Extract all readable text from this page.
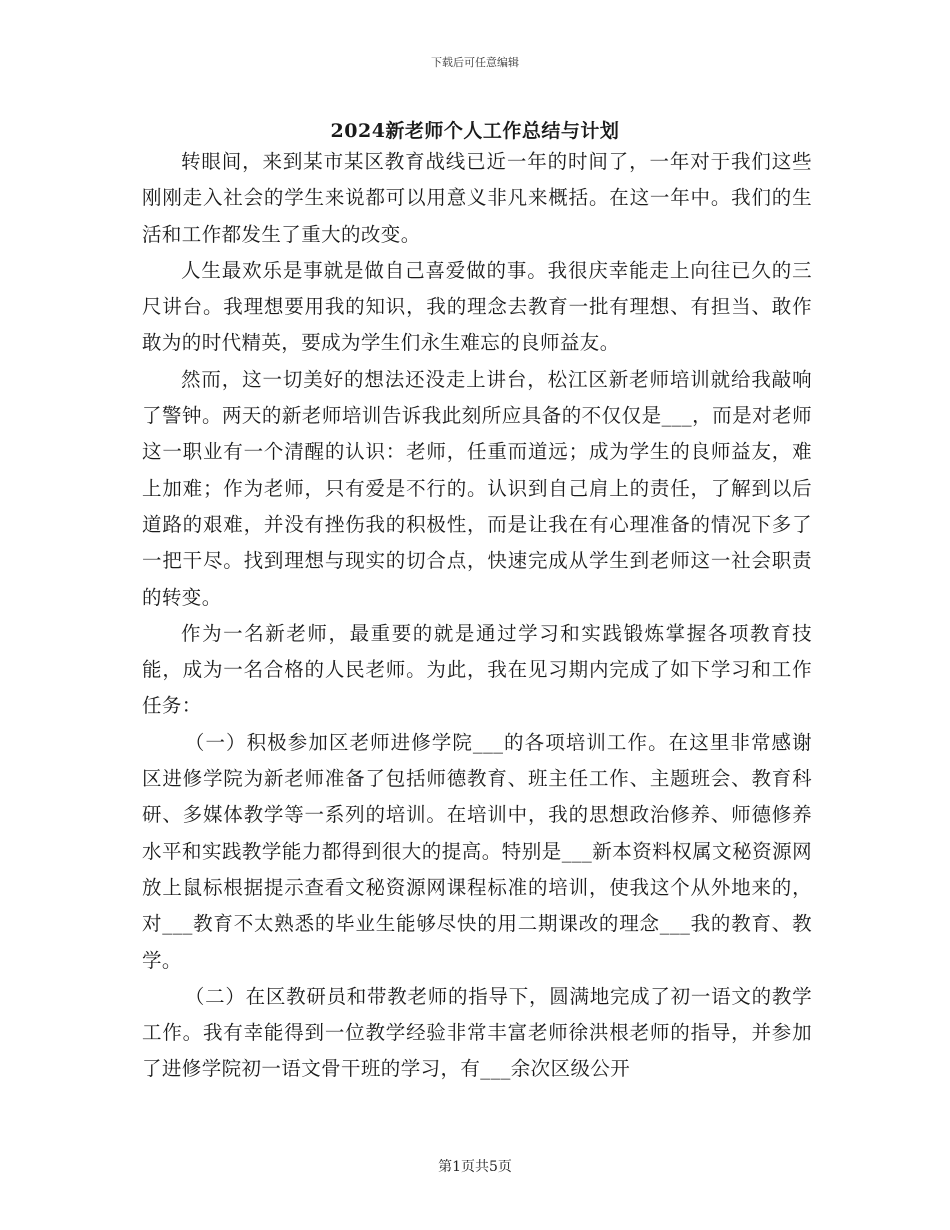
下载后可任意编辑
2024新老师个人工作总结与计划

转眼间，来到某市某区教育战线已近一年的时间了，一年对于我们这些刚刚走入社会的学生来说都可以用意义非凡来概括。在这一年中。我们的生活和工作都发生了重大的改变。

人生最欢乐是事就是做自己喜爱做的事。我很庆幸能走上向往已久的三尺讲台。我理想要用我的知识，我的理念去教育一批有理想、有担当、敢作敢为的时代精英，要成为学生们永生难忘的良师益友。

然而，这一切美好的想法还没走上讲台，松江区新老师培训就给我敲响了警钟。两天的新老师培训告诉我此刻所应具备的不仅仅是___，而是对老师这一职业有一个清醒的认识：老师，任重而道远；成为学生的良师益友，难上加难；作为老师，只有爱是不行的。认识到自己肩上的责任，了解到以后道路的艰难，并没有挫伤我的积极性，而是让我在有心理准备的情况下多了一把干尽。找到理想与现实的切合点，快速完成从学生到老师这一社会职责的转变。

作为一名新老师，最重要的就是通过学习和实践锻炼掌握各项教育技能，成为一名合格的人民老师。为此，我在见习期内完成了如下学习和工作任务：

（一）积极参加区老师进修学院___的各项培训工作。在这里非常感谢区进修学院为新老师准备了包括师德教育、班主任工作、主题班会、教育科研、多媒体教学等一系列的培训。在培训中，我的思想政治修养、师德修养水平和实践教学能力都得到很大的提高。特别是___新本资料权属文秘资源网放上鼠标根据提示查看文秘资源网课程标准的培训，使我这个从外地来的，对___教育不太熟悉的毕业生能够尽快的用二期课改的理念___我的教育、教学。

（二）在区教研员和带教老师的指导下，圆满地完成了初一语文的教学工作。我有幸能得到一位教学经验非常丰富老师徐洪根老师的指导，并参加了进修学院初一语文骨干班的学习，有___余次区级公开

第1页共5页
